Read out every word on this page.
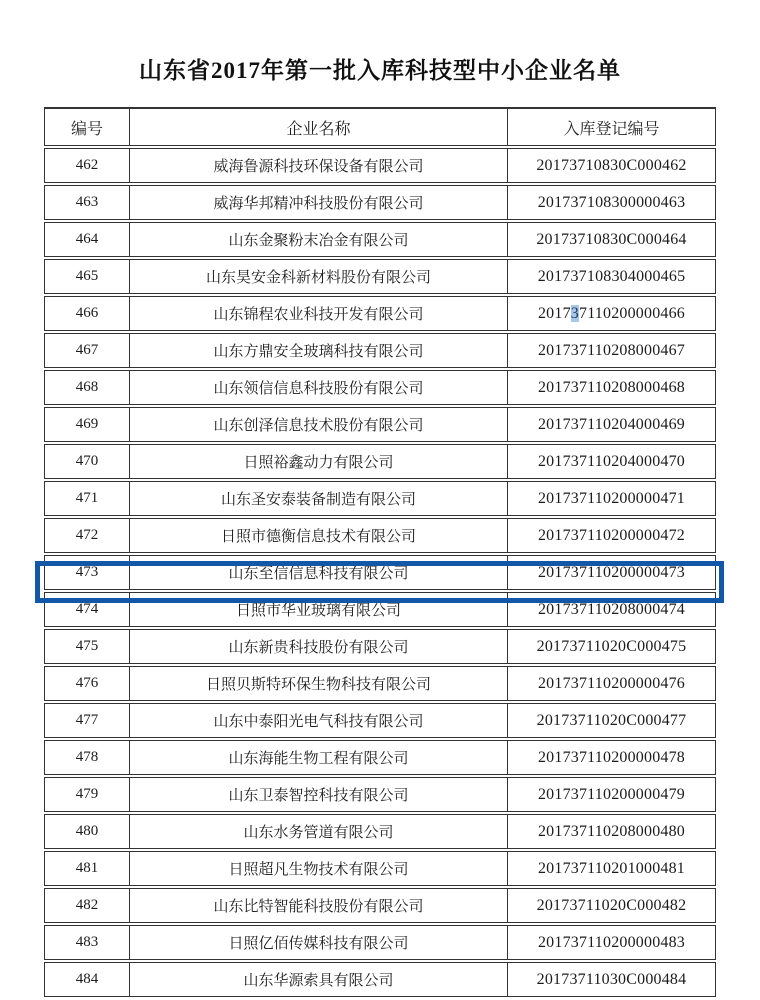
山东省2017年第一批入库科技型中小企业名单
编号	企业名称	入库登记编号
462	威海鲁源科技环保设备有限公司	20173710830C000462
463	威海华邦精冲科技股份有限公司	201737108300000463
464	山东金聚粉末冶金有限公司	20173710830C000464
465	山东昊安金科新材料股份有限公司	201737108304000465
466	山东锦程农业科技开发有限公司	201737110200000466
467	山东方鼎安全玻璃科技有限公司	201737110208000467
468	山东领信信息科技股份有限公司	201737110208000468
469	山东创泽信息技术股份有限公司	201737110204000469
470	日照裕鑫动力有限公司	201737110204000470
471	山东圣安泰装备制造有限公司	201737110200000471
472	日照市德衡信息技术有限公司	201737110200000472
473	山东至信信息科技有限公司	201737110200000473
474	日照市华业玻璃有限公司	201737110208000474
475	山东新贵科技股份有限公司	20173711020C000475
476	日照贝斯特环保生物科技有限公司	201737110200000476
477	山东中泰阳光电气科技有限公司	20173711020C000477
478	山东海能生物工程有限公司	201737110200000478
479	山东卫泰智控科技有限公司	201737110200000479
480	山东水务管道有限公司	201737110208000480
481	日照超凡生物技术有限公司	201737110201000481
482	山东比特智能科技股份有限公司	20173711020C000482
483	日照亿佰传媒科技有限公司	201737110200000483
484	山东华源索具有限公司	20173711030C000484
